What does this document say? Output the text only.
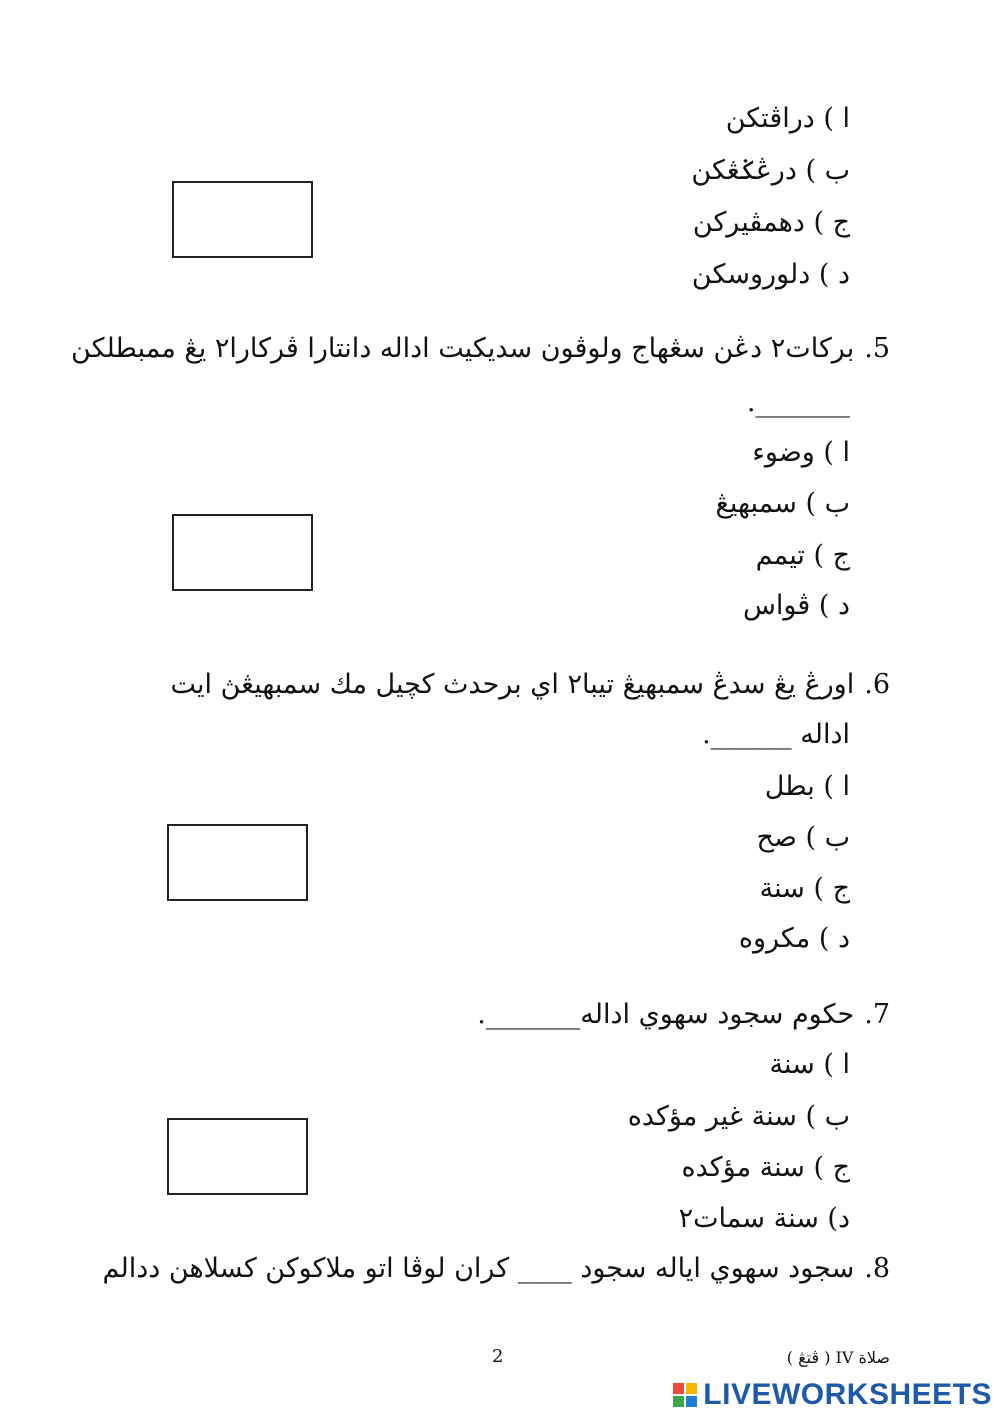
ا ) دراڤتكن
ب ) درڠݢڠكن
ج ) دهمڤيركن
د ) دلوروسكن
5.بركات٢ دڠن سڠهاج ولوڤون سديكيت اداله دانتارا ڤركارا٢ يڠ ممبطلكن
_______.
ا ) وضوء
ب ) سمبهيڠ
ج ) تيمم
د ) ڤواس
6.اورڠ يڠ سدڠ سمبهيڠ تيبا٢ اي برحدث كچيل مك سمبهيڠڽ ايت
اداله ______.
ا ) بطل
ب ) صح
ج ) سنة
د ) مكروه
7.حكوم سجود سهوي اداله_______.
ا ) سنة
ب ) سنة غير مؤكده
ج ) سنة مؤكده
د) سنة سمات٢
8.سجود سهوي اياله سجود ____ كران لوڤا اتو ملاكوكن كسلاهن ددالم
2	صلاة IV ( ڤتڠ )
LIVEWORKSHEETS
